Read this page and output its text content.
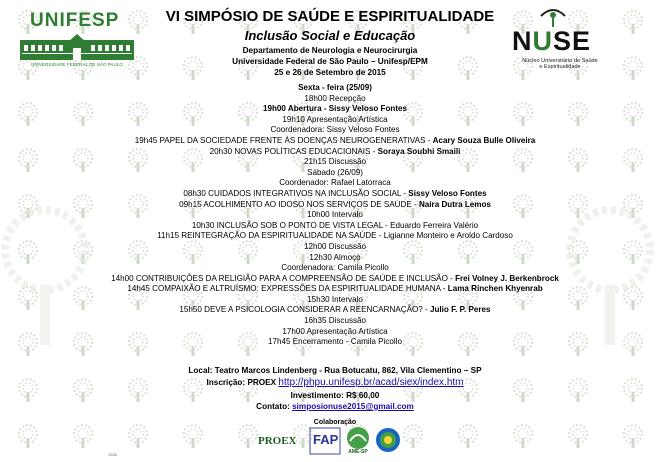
UNIFESP
UNIVERSIDADE FEDERAL DE SÃO PAULO
NUSE
Núcleo Universitário de Saúde
e Espiritualidade
VI SIMPÓSIO DE SAÚDE E ESPIRITUALIDADE
Inclusão Social e Educação
Departamento de Neurologia e Neurocirurgia
Universidade Federal de São Paulo – Unifesp/EPM
25 e 26 de Setembro de 2015
Sexta - feira (25/09)
18h00 Recepção
19h00 Abertura - Sissy Veloso Fontes
19h10 Apresentação Artística
Coordenadora: Sissy Veloso Fontes
19h45 PAPEL DA SOCIEDADE FRENTE ÀS DOENÇAS NEUROGENERATIVAS - Acary Souza Bulle Oliveira
20h30 NOVAS POLÍTICAS EDUCACIONAIS - Soraya Soubhi Smaili
21h15 Discussão
Sábado (26/09)
Coordenador: Rafael Latorraca
08h30 CUIDADOS INTEGRATIVOS NA INCLUSÃO SOCIAL - Sissy Veloso Fontes
09h15 ACOLHIMENTO AO IDOSO NOS SERVIÇOS DE SAÚDE - Naira Dutra Lemos
10h00 Intervalo
10h30 INCLUSÃO SOB O PONTO DE VISTA LEGAL - Eduardo Ferreira Valério
11h15 REINTEGRAÇÃO DA ESPIRITUALIDADE NA SAÚDE - Ligianne Monteiro e Aroldo Cardoso
12h00 Discussão
12h30 Almoço
Coordenadora: Camila Picollo
14h00 CONTRIBUIÇÕES DA RELIGIÃO PARA A COMPREENSÃO DE SAÚDE E INCLUSÃO - Frei Volney J. Berkenbrock
14h45 COMPAIXÃO E ALTRUÍSMO: EXPRESSÕES DA ESPIRITUALIDADE HUMANA - Lama Rinchen Khyenrab
15h30 Intervalo
15h50 DEVE A PSICOLOGIA CONSIDERAR A REENCARNAÇÃO? - Julio F. P. Peres
16h35 Discussão
17h00 Apresentação Artística
17h45 Encerramento - Camila Picollo
Local: Teatro Marcos Lindenberg - Rua Botucatu, 862, Vila Clementino – SP
Inscrição: PROEX http://phpu.unifesp.br/acad/siex/index.htm
Investimento: R$ 60,00
Contato: simposionuse2015@gmail.com
Colaboração
PROEX FAP
AME-SP
1933
